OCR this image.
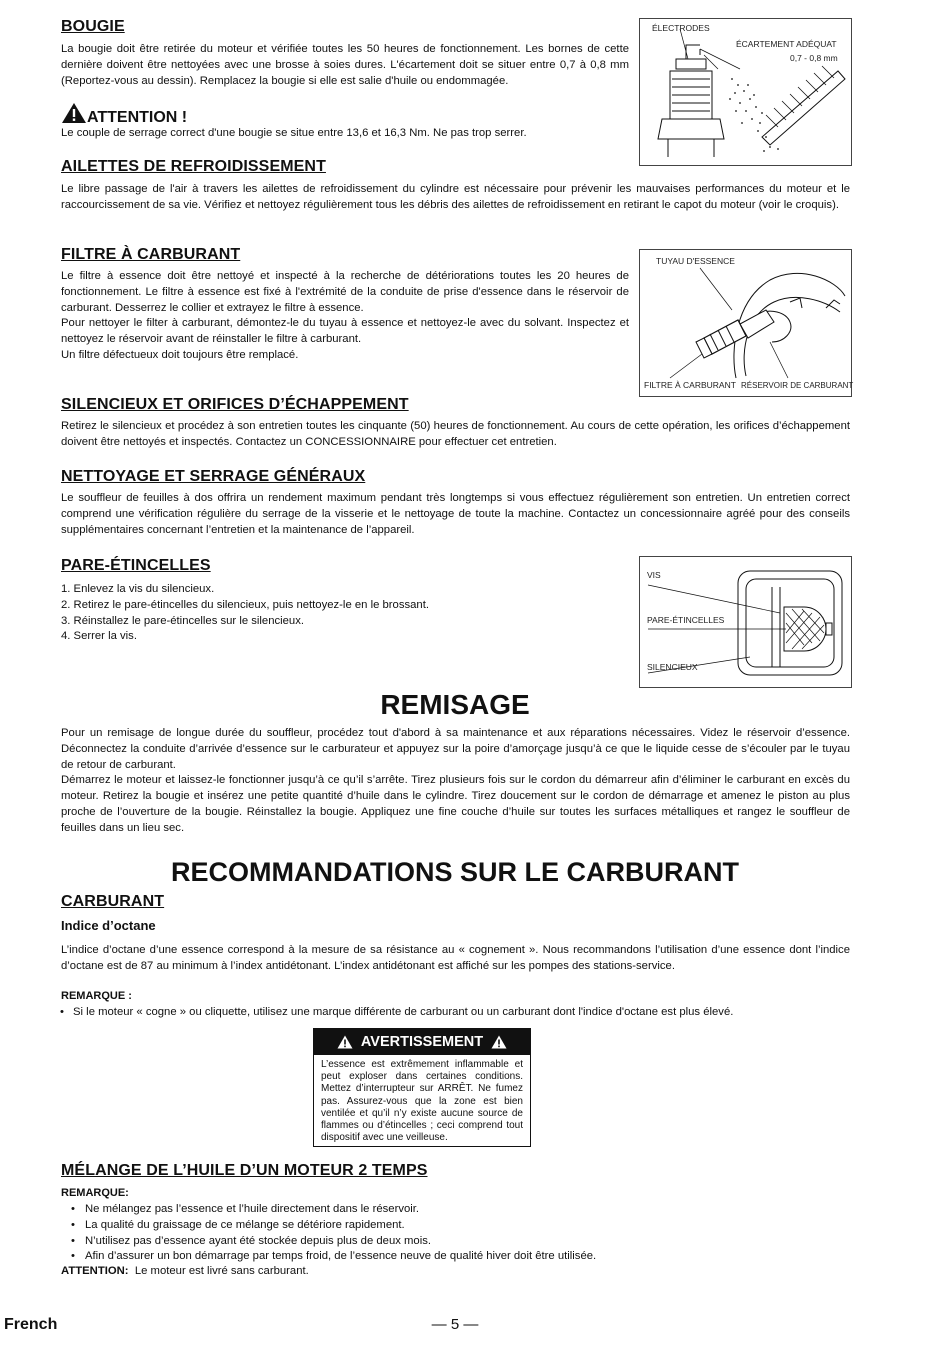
BOUGIE

La bougie doit être retirée du moteur et vérifiée toutes les 50 heures de fonctionnement. Les bornes de cette dernière doivent être nettoyées avec une brosse à soies dures. L'écartement doit se situer entre 0,7 à 0,8 mm (Reportez-vous au dessin). Remplacez la bougie si elle est salie d'huile ou endommagée.

ATTENTION !

Le couple de serrage correct d'une bougie se situe entre 13,6 et 16,3 Nm. Ne pas trop serrer.

ÉLECTRODES
ÉCARTEMENT ADÉQUAT
0,7 - 0,8 mm
AILETTES DE REFROIDISSEMENT

Le libre passage de l'air à travers les ailettes de refroidissement du cylindre est nécessaire pour prévenir les mauvaises performances du moteur et le raccourcissement de sa vie. Vérifiez et nettoyez régulièrement tous les débris des ailettes de refroidissement en retirant le capot du moteur (voir le croquis).

FILTRE À CARBURANT
Le filtre à essence doit être nettoyé et inspecté à la recherche de détériorations toutes les 20 heures de fonctionnement. Le filtre à essence est fixé à l'extrémité de la conduite de prise d'essence dans le réservoir de carburant. Desserrez le collier et extrayez le filtre à essence.
Pour nettoyer le filter à carburant, démontez-le du tuyau à essence et nettoyez-le avec du solvant. Inspectez et nettoyez le réservoir avant de réinstaller le filtre à carburant.
Un filtre défectueux doit toujours être remplacé.
TUYAU D'ESSENCE
FILTRE À CARBURANT RÉSERVOIR DE CARBURANT
SILENCIEUX ET ORIFICES D’ÉCHAPPEMENT

Retirez le silencieux et procédez à son entretien toutes les cinquante (50) heures de fonctionnement. Au cours de cette opération, les orifices d’échappement doivent être nettoyés et inspectés. Contactez un CONCESSIONNAIRE pour effectuer cet entretien.

NETTOYAGE ET SERRAGE GÉNÉRAUX

Le souffleur de feuilles à dos offrira un rendement maximum pendant très longtemps si vous effectuez régulièrement son entretien. Un entretien correct comprend une vérification régulière du serrage de la visserie et le nettoyage de toute la machine. Contactez un concessionnaire agréé pour des conseils supplémentaires concernant l’entretien et la maintenance de l’appareil.

PARE-ÉTINCELLES
1. Enlevez la vis du silencieux.
2. Retirez le pare-étincelles du silencieux, puis nettoyez-le en le brossant.
3. Réinstallez le pare-étincelles sur le silencieux.
4. Serrer la vis.
VIS
PARE-ÉTINCELLES
SILENCIEUX
REMISAGE
Pour un remisage de longue durée du souffleur, procédez tout d'abord à sa maintenance et aux réparations nécessaires. Videz le réservoir d’essence. Déconnectez la conduite d’arrivée d’essence sur le carburateur et appuyez sur la poire d’amorçage jusqu’à ce que le liquide cesse de s’écouler par le tuyau de retour de carburant.
Démarrez le moteur et laissez-le fonctionner jusqu’à ce qu’il s’arrête. Tirez plusieurs fois sur le cordon du démarreur afin d’éliminer le carburant en excès du moteur. Retirez la bougie et insérez une petite quantité d’huile dans le cylindre. Tirez doucement sur le cordon de démarrage et amenez le piston au plus proche de l’ouverture de la bougie. Réinstallez la bougie. Appliquez une fine couche d’huile sur toutes les surfaces métalliques et rangez le souffleur de feuilles dans un lieu sec.
RECOMMANDATIONS SUR LE CARBURANT
CARBURANT
Indice d’octane

L’indice d’octane d’une essence correspond à la mesure de sa résistance au « cognement ». Nous recommandons l’utilisation d’une essence dont l’indice d’octane est de 87 au minimum à l’index antidétonant. L’index antidétonant est affiché sur les pompes des stations-service.

REMARQUE :
• Si le moteur « cogne » ou cliquette, utilisez une marque différente de carburant ou un carburant dont l'indice d'octane est plus élevé.
AVERTISSEMENT

L’essence est extrêmement inflammable et peut exploser dans certaines conditions. Mettez d’interrupteur sur ARRÊT. Ne fumez pas. Assurez-vous que la zone est bien ventilée et qu’il n’y existe aucune source de flammes ou d’étincelles ; ceci comprend tout dispositif avec une veilleuse.

MÉLANGE DE L’HUILE D’UN MOTEUR 2 TEMPS
REMARQUE:
• Ne mélangez pas l’essence et l’huile directement dans le réservoir.
• La qualité du graissage de ce mélange se détériore rapidement.
• N’utilisez pas d’essence ayant été stockée depuis plus de deux mois.
• Afin d’assurer un bon démarrage par temps froid, de l’essence neuve de qualité hiver doit être utilisée.
ATTENTION: Le moteur est livré sans carburant.
French	— 5 —
